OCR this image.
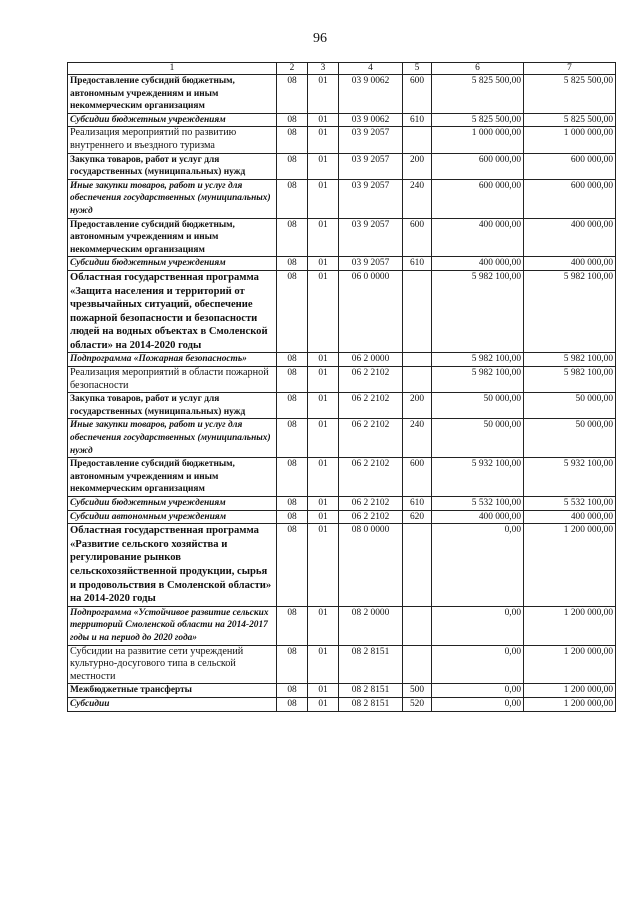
96
1	2	3	4	5	6	7
Предоставление субсидий бюджетным, автономным учреждениям и иным некоммерческим организациям	08	01	03 9 0062	600	5 825 500,00	5 825 500,00
Субсидии бюджетным учреждениям	08	01	03 9 0062	610	5 825 500,00	5 825 500,00
Реализация мероприятий по развитию внутреннего и въездного туризма	08	01	03 9 2057		1 000 000,00	1 000 000,00
Закупка товаров, работ и услуг для государственных (муниципальных) нужд	08	01	03 9 2057	200	600 000,00	600 000,00
Иные закупки товаров, работ и услуг для обеспечения государственных (муниципальных) нужд	08	01	03 9 2057	240	600 000,00	600 000,00
Предоставление субсидий бюджетным, автономным учреждениям и иным некоммерческим организациям	08	01	03 9 2057	600	400 000,00	400 000,00
Субсидии бюджетным учреждениям	08	01	03 9 2057	610	400 000,00	400 000,00
Областная государственная программа «Защита населения и территорий от чрезвычайных ситуаций, обеспечение пожарной безопасности и безопасности людей на водных объектах в Смоленской области» на 2014-2020 годы	08	01	06 0 0000		5 982 100,00	5 982 100,00
Подпрограмма «Пожарная безопасность»	08	01	06 2 0000		5 982 100,00	5 982 100,00
Реализация мероприятий в области пожарной безопасности	08	01	06 2 2102		5 982 100,00	5 982 100,00
Закупка товаров, работ и услуг для государственных (муниципальных) нужд	08	01	06 2 2102	200	50 000,00	50 000,00
Иные закупки товаров, работ и услуг для обеспечения государственных (муниципальных) нужд	08	01	06 2 2102	240	50 000,00	50 000,00
Предоставление субсидий бюджетным, автономным учреждениям и иным некоммерческим организациям	08	01	06 2 2102	600	5 932 100,00	5 932 100,00
Субсидии бюджетным учреждениям	08	01	06 2 2102	610	5 532 100,00	5 532 100,00
Субсидии автономным учреждениям	08	01	06 2 2102	620	400 000,00	400 000,00
Областная государственная программа «Развитие сельского хозяйства и регулирование рынков сельскохозяйственной продукции, сырья и продовольствия в Смоленской области» на 2014-2020 годы	08	01	08 0 0000		0,00	1 200 000,00
Подпрограмма «Устойчивое развитие сельских территорий Смоленской области на 2014-2017 годы и на период до 2020 года»	08	01	08 2 0000		0,00	1 200 000,00
Субсидии на развитие сети учреждений культурно-досугового типа в сельской местности	08	01	08 2 8151		0,00	1 200 000,00
Межбюджетные трансферты	08	01	08 2 8151	500	0,00	1 200 000,00
Субсидии	08	01	08 2 8151	520	0,00	1 200 000,00
